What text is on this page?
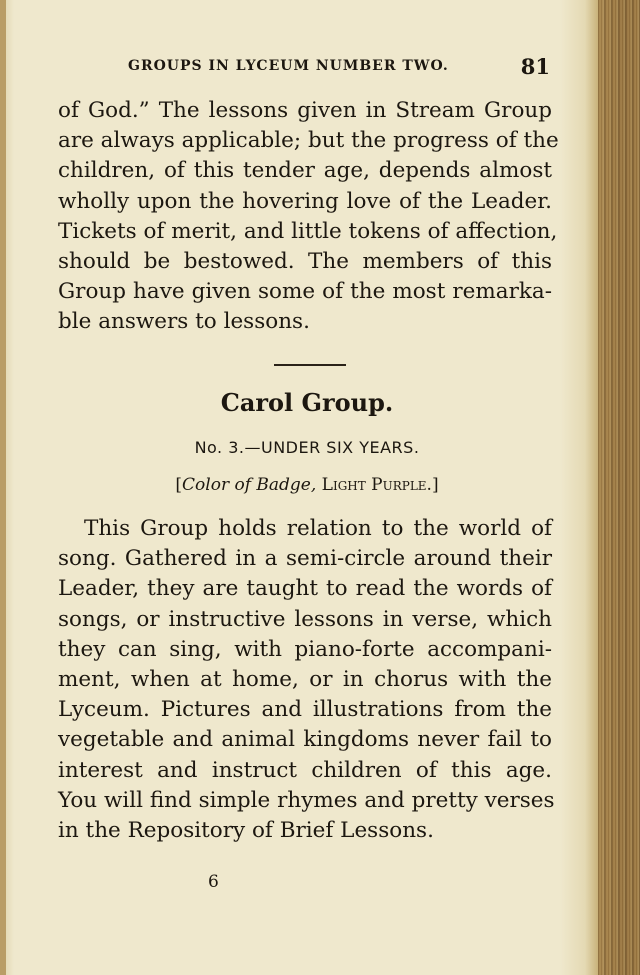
GROUPS IN LYCEUM NUMBER TWO.	81
of God.” The lessons given in Stream Group
are always applicable; but the progress of the
children, of this tender age, depends almost
wholly upon the hovering love of the Leader.
Tickets of merit, and little tokens of affection,
should be bestowed. The members of this
Group have given some of the most remarka-
ble answers to lessons.
Carol Group.
No. 3.—UNDER SIX YEARS.
[Color of Badge, Light Purple.]
This Group holds relation to the world of
song. Gathered in a semi-circle around their
Leader, they are taught to read the words of
songs, or instructive lessons in verse, which
they can sing, with piano-forte accompani-
ment, when at home, or in chorus with the
Lyceum. Pictures and illustrations from the
vegetable and animal kingdoms never fail to
interest and instruct children of this age.
You will find simple rhymes and pretty verses
in the Repository of Brief Lessons.
6
